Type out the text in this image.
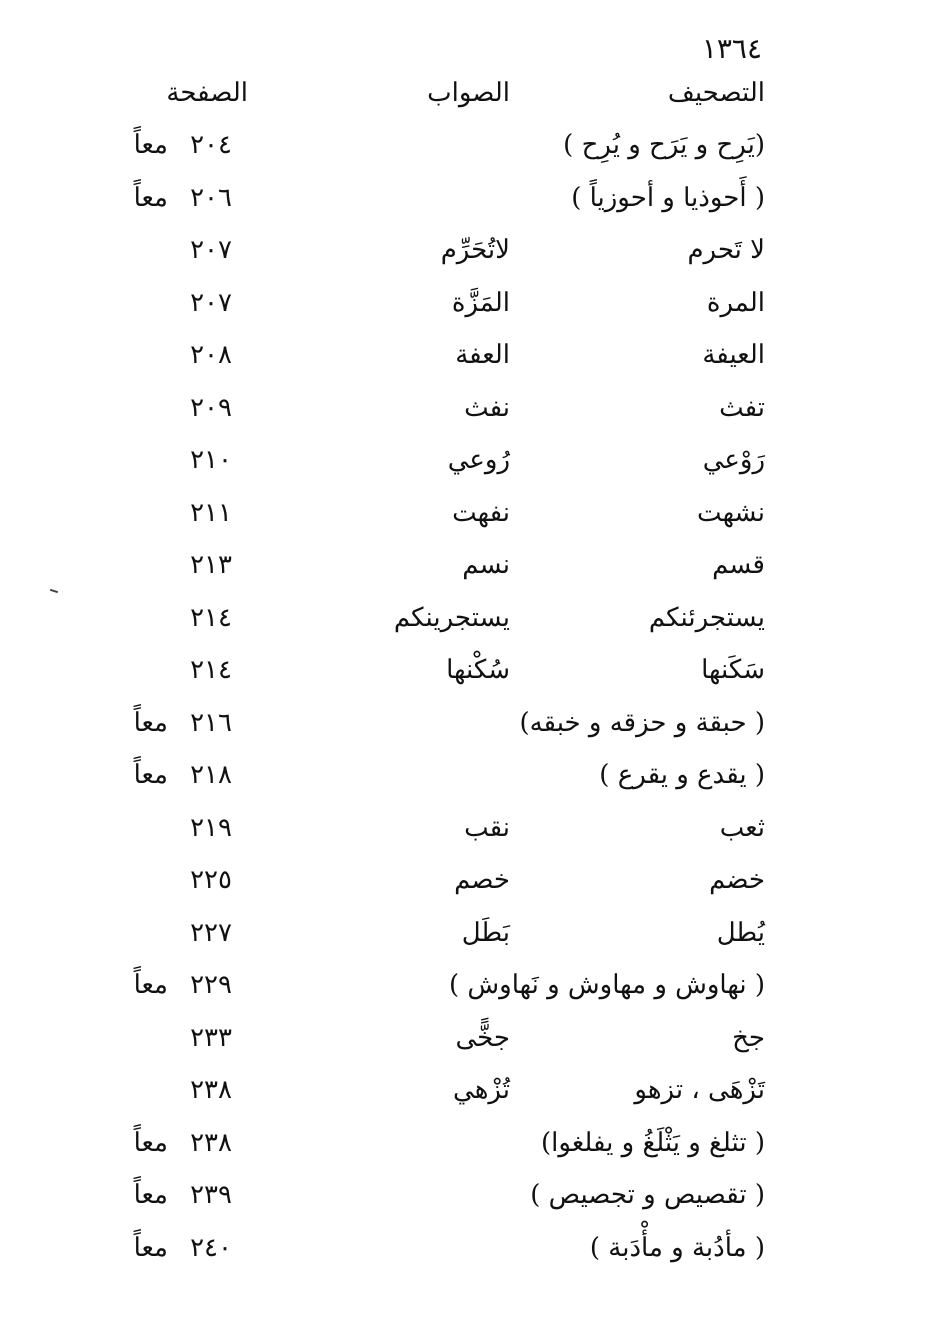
١٣٦٤
التصحيف
الصواب
الصفحة
(يَرِح و يَرَح و يُرِح )
٢٠٤
معاً
( أَحوذيا و أحوزياً )
٢٠٦
معاً
لا تَحرم
لاتُحَرِّم
٢٠٧
المرة
المَزَّة
٢٠٧
العيفة
العفة
٢٠٨
تفث
نفث
٢٠٩
رَوْعي
رُوعي
٢١٠
نشهت
نفهت
٢١١
قسم
نسم
٢١٣
يستجرئنكم
يستجرينكم
٢١٤
سَكَنها
سُكْنها
٢١٤
( حبقة و حزقه و خبقه)
٢١٦
معاً
( يقدع و يقرع )
٢١٨
معاً
ثعب
نقب
٢١٩
خضم
خصم
٢٢٥
يُطل
بَطَل
٢٢٧
( نهاوش و مهاوش و نَهاوش )
٢٢٩
معاً
جخ
جخًّى
٢٣٣
تَزْهَى ، تزهو
تُزْهي
٢٣٨
( تثلغ و يَثْلَغُ و يفلغوا)
٢٣٨
معاً
( تقصيص و تجصيص )
٢٣٩
معاً
( مأدُبة و مأْدَبة )
٢٤٠
معاً
